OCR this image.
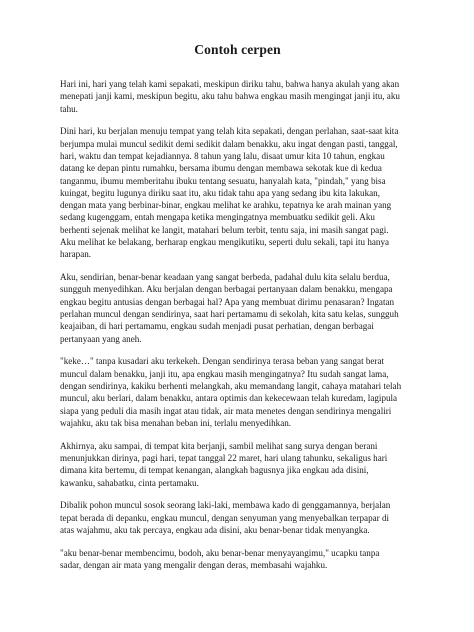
Contoh cerpen

Hari ini, hari yang telah kami sepakati, meskipun diriku tahu, bahwa hanya akulah yang akan
menepati janji kami, meskipun begitu, aku tahu bahwa engkau masih mengingat janji itu, aku
tahu.

Dini hari, ku berjalan menuju tempat yang telah kita sepakati, dengan perlahan, saat-saat kita
berjumpa mulai muncul sedikit demi sedikit dalam benakku, aku ingat dengan pasti, tanggal,
hari, waktu dan tempat kejadiannya. 8 tahun yang lalu, disaat umur kita 10 tahun, engkau
datang ke depan pintu rumahku, bersama ibumu dengan membawa sekotak kue di kedua
tanganmu, ibumu memberitahu ibuku tentang sesuatu, hanyalah kata, "pindah," yang bisa
kuingat, begitu lugunya diriku saat itu, aku tidak tahu apa yang sedang ibu kita lakukan,
dengan mata yang berbinar-binar, engkau melihat ke arahku, tepatnya ke arah mainan yang
sedang kugenggam, entah mengapa ketika mengingatnya membuatku sedikit geli. Aku
berhenti sejenak melihat ke langit, matahari belum terbit, tentu saja, ini masih sangat pagi.
Aku melihat ke belakang, berharap engkau mengikutiku, seperti dulu sekali, tapi itu hanya
harapan.

Aku, sendirian, benar-benar keadaan yang sangat berbeda, padahal dulu kita selalu berdua,
sungguh menyedihkan. Aku berjalan dengan berbagai pertanyaan dalam benakku, mengapa
engkau begitu antusias dengan berbagai hal? Apa yang membuat dirimu penasaran? Ingatan
perlahan muncul dengan sendirinya, saat hari pertamamu di sekolah, kita satu kelas, sungguh
keajaiban, di hari pertamamu, engkau sudah menjadi pusat perhatian, dengan berbagai
pertanyaan yang aneh.

"keke…" tanpa kusadari aku terkekeh. Dengan sendirinya terasa beban yang sangat berat
muncul dalam benakku, janji itu, apa engkau masih mengingatnya? Itu sudah sangat lama,
dengan sendirinya, kakiku berhenti melangkah, aku memandang langit, cahaya matahari telah
muncul, aku berlari, dalam benakku, antara optimis dan kekecewaan telah kuredam, lagipula
siapa yang peduli dia masih ingat atau tidak, air mata menetes dengan sendirinya mengaliri
wajahku, aku tak bisa menahan beban ini, terlalu menyedihkan.

Akhirnya, aku sampai, di tempat kita berjanji, sambil melihat sang surya dengan berani
menunjukkan dirinya, pagi hari, tepat tanggal 22 maret, hari ulang tahunku, sekaligus hari
dimana kita bertemu, di tempat kenangan, alangkah bagusnya jika engkau ada disini,
kawanku, sahabatku, cinta pertamaku.

Dibalik pohon muncul sosok seorang laki-laki, membawa kado di genggamannya, berjalan
tepat berada di depanku, engkau muncul, dengan senyuman yang menyebalkan terpapar di
atas wajahmu, aku tak percaya, engkau ada disini, aku benar-benar tidak menyangka.

"aku benar-benar membencimu, bodoh, aku benar-benar menyayangimu," ucapku tanpa
sadar, dengan air mata yang mengalir dengan deras, membasahi wajahku.
